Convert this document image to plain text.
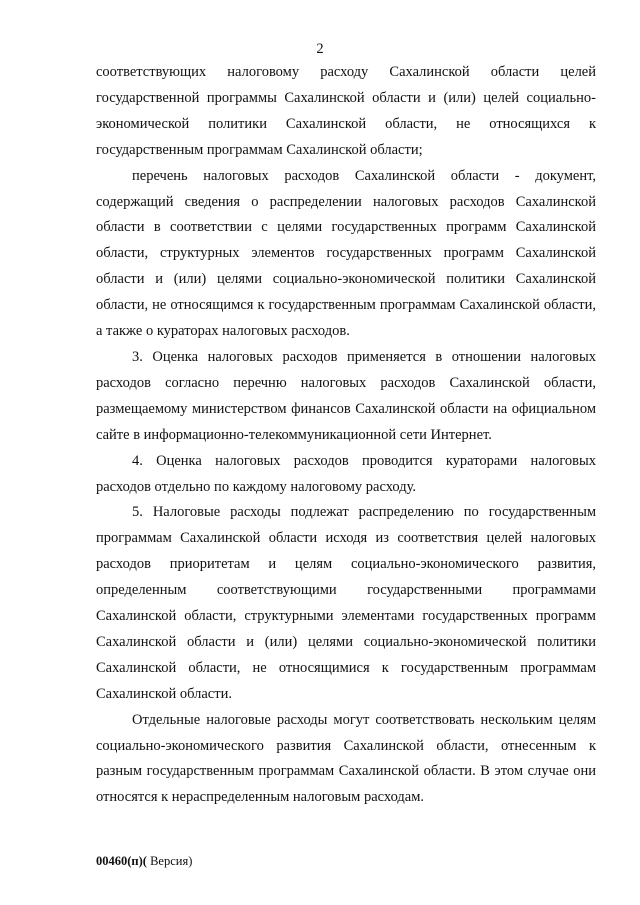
2

соответствующих налоговому расходу Сахалинской области целей государственной программы Сахалинской области и (или) целей социально-экономической политики Сахалинской области, не относящихся к государственным программам Сахалинской области;

перечень налоговых расходов Сахалинской области - документ, содержащий сведения о распределении налоговых расходов Сахалинской области в соответствии с целями государственных программ Сахалинской области, структурных элементов государственных программ Сахалинской области и (или) целями социально-экономической политики Сахалинской области, не относящимся к государственным программам Сахалинской области, а также о кураторах налоговых расходов.

3. Оценка налоговых расходов применяется в отношении налоговых расходов согласно перечню налоговых расходов Сахалинской области, размещаемому министерством финансов Сахалинской области на официальном сайте в информационно-телекоммуникационной сети Интернет.

4. Оценка налоговых расходов проводится кураторами налоговых расходов отдельно по каждому налоговому расходу.

5. Налоговые расходы подлежат распределению по государственным программам Сахалинской области исходя из соответствия целей налоговых расходов приоритетам и целям социально-экономического развития, определенным соответствующими государственными программами Сахалинской области, структурными элементами государственных программ Сахалинской области и (или) целями социально-экономической политики Сахалинской области, не относящимися к государственным программам Сахалинской области.

Отдельные налоговые расходы могут соответствовать нескольким целям социально-экономического развития Сахалинской области, отнесенным к разным государственным программам Сахалинской области. В этом случае они относятся к нераспределенным налоговым расходам.

00460(п)( Версия)
